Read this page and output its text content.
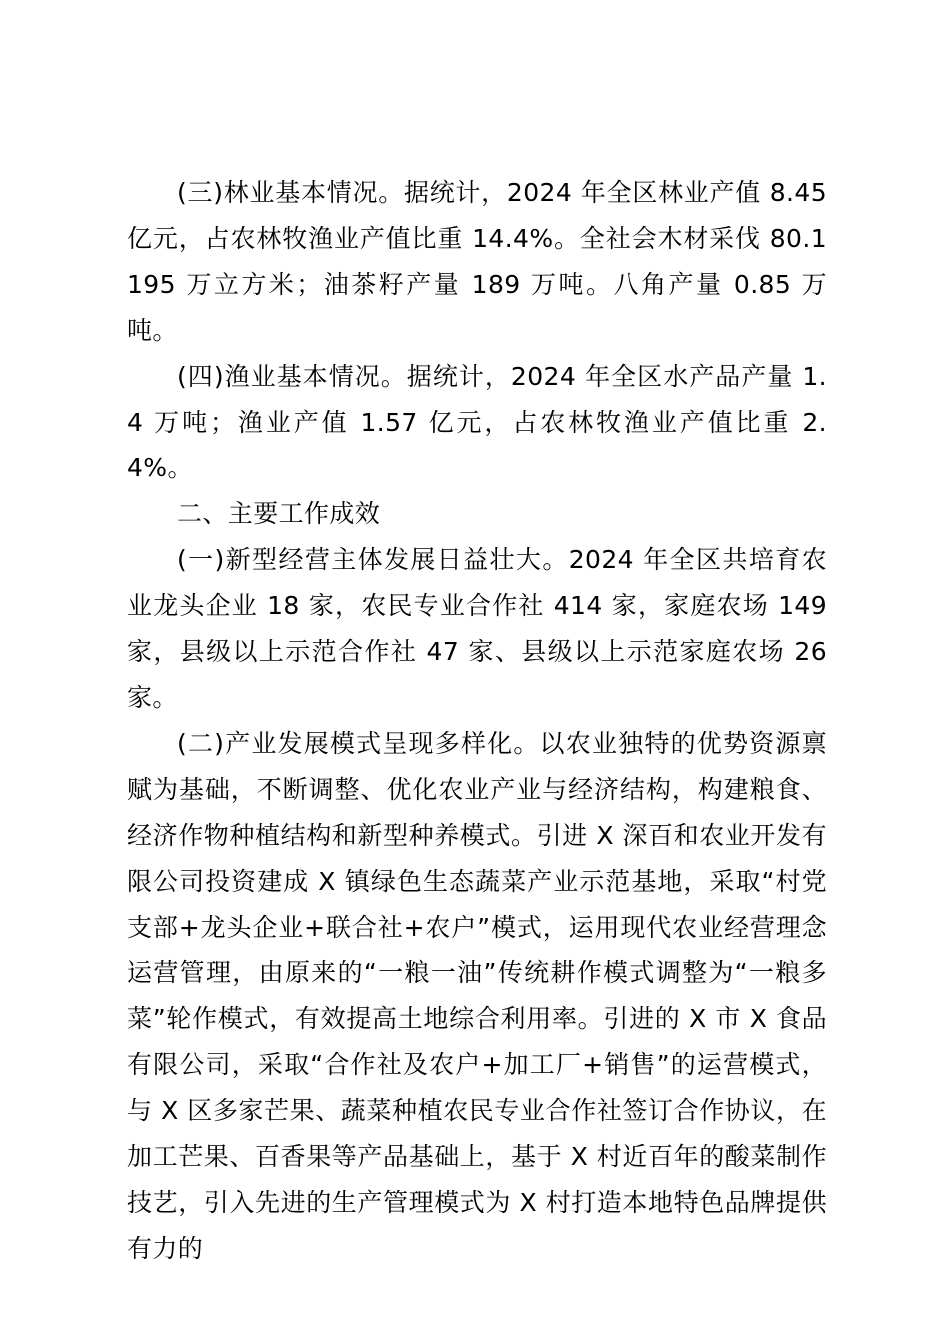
(三)林业基本情况。据统计，2024 年全区林业产值 8.45 亿元，占农林牧渔业产值比重 14.4%。全社会木材采伐 80.1195 万立方米；油茶籽产量 189 万吨。八角产量 0.85 万吨。

(四)渔业基本情况。据统计，2024 年全区水产品产量 1.4 万吨；渔业产值 1.57 亿元，占农林牧渔业产值比重 2.4%。

二、主要工作成效

(一)新型经营主体发展日益壮大。2024 年全区共培育农业龙头企业 18 家，农民专业合作社 414 家，家庭农场 149 家，县级以上示范合作社 47 家、县级以上示范家庭农场 26 家。

(二)产业发展模式呈现多样化。以农业独特的优势资源禀赋为基础，不断调整、优化农业产业与经济结构，构建粮食、经济作物种植结构和新型种养模式。引进 X 深百和农业开发有限公司投资建成 X 镇绿色生态蔬菜产业示范基地，采取“村党支部+龙头企业+联合社+农户”模式，运用现代农业经营理念运营管理，由原来的“一粮一油”传统耕作模式调整为“一粮多菜”轮作模式，有效提高土地综合利用率。引进的 X 市 X 食品有限公司，采取“合作社及农户+加工厂+销售”的运营模式，与 X 区多家芒果、蔬菜种植农民专业合作社签订合作协议，在加工芒果、百香果等产品基础上，基于 X 村近百年的酸菜制作技艺，引入先进的生产管理模式为 X 村打造本地特色品牌提供有力的
